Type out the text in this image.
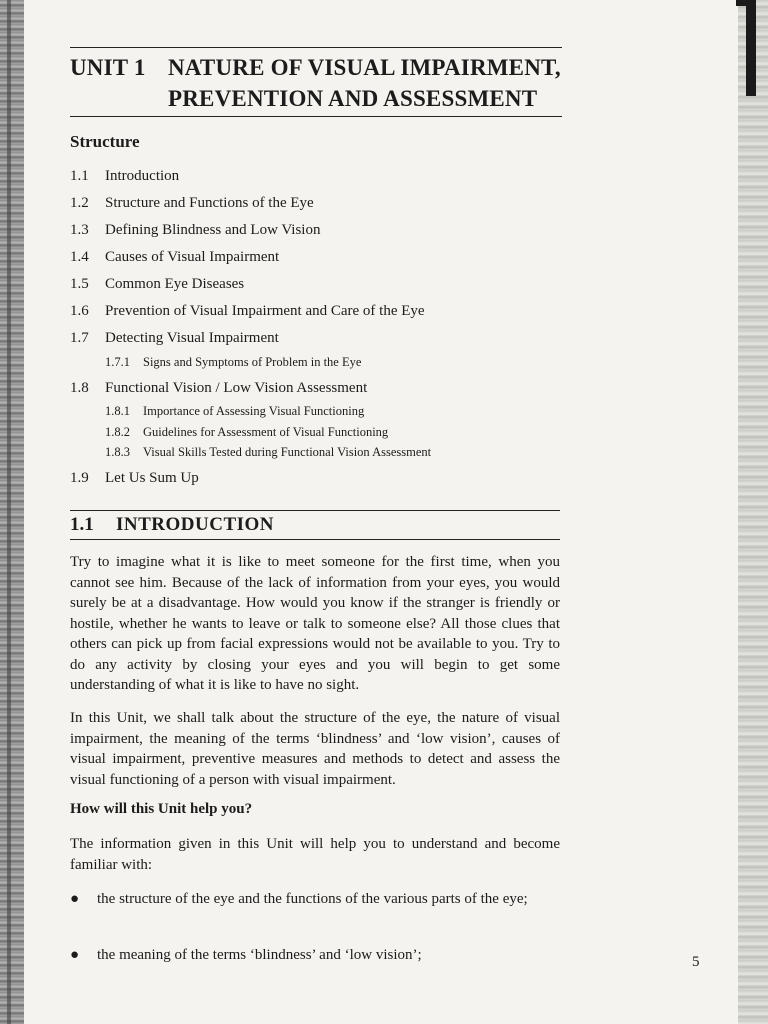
UNIT 1 NATURE OF VISUAL IMPAIRMENT,
PREVENTION AND ASSESSMENT
Structure
1.1 Introduction
1.2 Structure and Functions of the Eye
1.3 Defining Blindness and Low Vision
1.4 Causes of Visual Impairment
1.5 Common Eye Diseases
1.6 Prevention of Visual Impairment and Care of the Eye
1.7 Detecting Visual Impairment
1.7.1 Signs and Symptoms of Problem in the Eye
1.8 Functional Vision / Low Vision Assessment
1.8.1 Importance of Assessing Visual Functioning
1.8.2 Guidelines for Assessment of Visual Functioning
1.8.3 Visual Skills Tested during Functional Vision Assessment
1.9 Let Us Sum Up
1.1 INTRODUCTION

Try to imagine what it is like to meet someone for the first time, when you cannot see him. Because of the lack of information from your eyes, you would surely be at a disadvantage. How would you know if the stranger is friendly or hostile, whether he wants to leave or talk to someone else? All those clues that others can pick up from facial expressions would not be available to you. Try to do any activity by closing your eyes and you will begin to get some understanding of what it is like to have no sight.

In this Unit, we shall talk about the structure of the eye, the nature of visual impairment, the meaning of the terms ‘blindness’ and ‘low vision’, causes of visual impairment, preventive measures and methods to detect and assess the visual functioning of a person with visual impairment.

How will this Unit help you?

The information given in this Unit will help you to understand and become familiar with:

● the structure of the eye and the functions of the various parts of the eye;
● the meaning of the terms ‘blindness’ and ‘low vision’;	5
